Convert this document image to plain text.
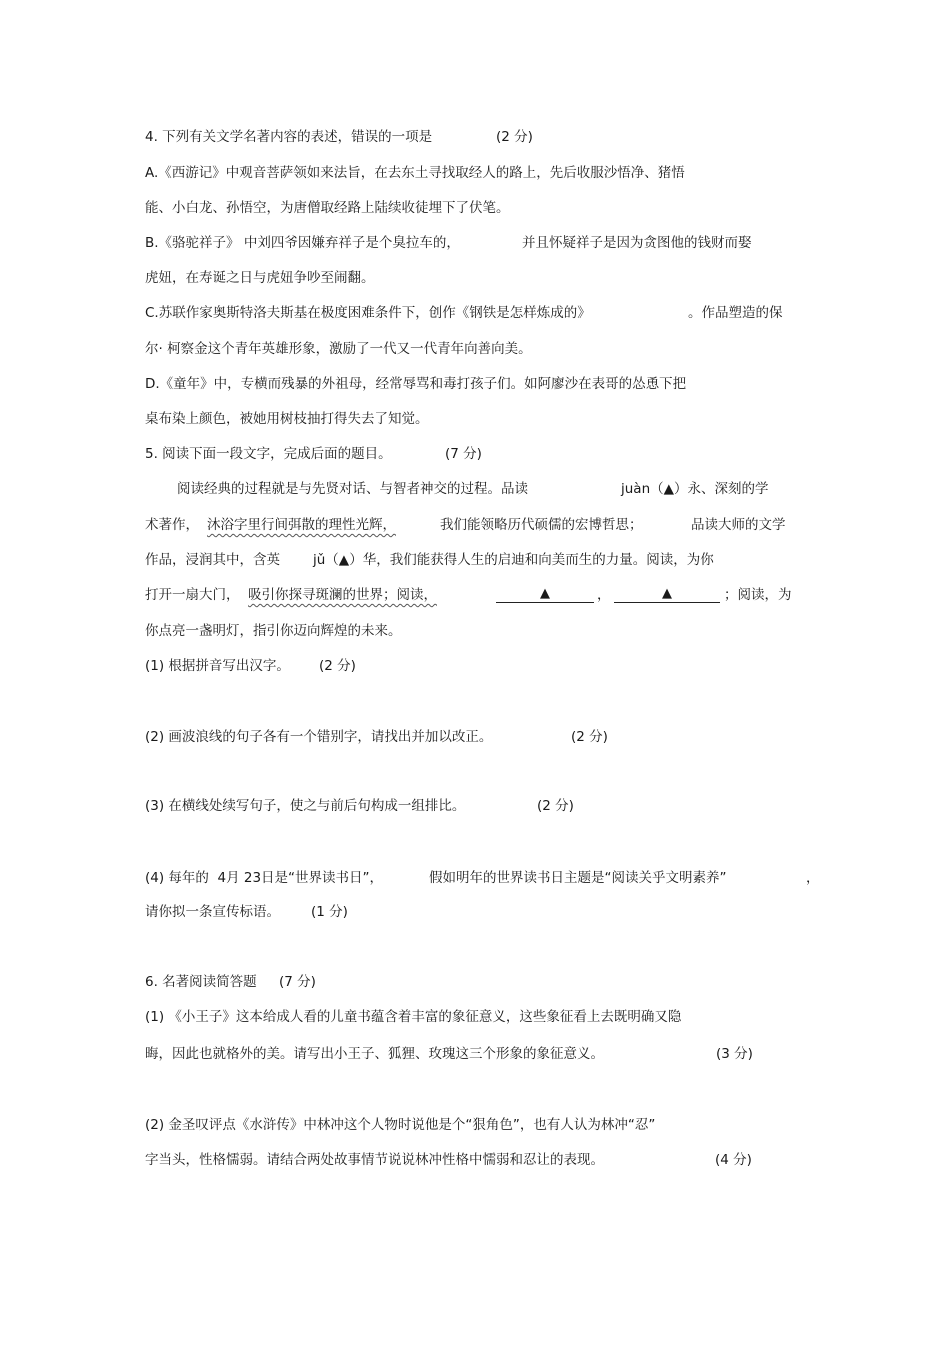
4. 下列有关文学名著内容的表述，错误的一项是	(2 分)
A.《西游记》中观音菩萨领如来法旨，在去东土寻找取经人的路上，先后收服沙悟净、猪悟
能、小白龙、孙悟空，为唐僧取经路上陆续收徒埋下了伏笔。
B.《骆驼祥子》 中刘四爷因嫌弃祥子是个臭拉车的，	并且怀疑祥子是因为贪图他的钱财而娶
虎妞，在寿诞之日与虎妞争吵至闹翻。
C.苏联作家奥斯特洛夫斯基在极度困难条件下，创作《钢铁是怎样炼成的》	。作品塑造的保
尔· 柯察金这个青年英雄形象，激励了一代又一代青年向善向美。
D.《童年》中，专横而残暴的外祖母，经常辱骂和毒打孩子们。如阿廖沙在表哥的怂恿下把
桌布染上颜色，被她用树枝抽打得失去了知觉。
5. 阅读下面一段文字，完成后面的题目。	(7 分)
阅读经典的过程就是与先贤对话、与智者神交的过程。品读	juàn（▲）永、深刻的学
术著作， 沐浴字里行间弭散的理性光辉，	我们能领略历代硕儒的宏博哲思；	品读大师的文学
作品，浸润其中，含英 jǔ（▲）华，我们能获得人生的启迪和向美而生的力量。阅读，为你
打开一扇大门， 吸引你探寻斑澜的世界；阅读，	▲	，	▲	；阅读，为
你点亮一盏明灯，指引你迈向辉煌的未来。
(1) 根据拼音写出汉字。 (2 分)
(2) 画波浪线的句子各有一个错别字，请找出并加以改正。	(2 分)
(3) 在横线处续写句子，使之与前后句构成一组排比。	(2 分)
(4) 每年的  4月 23日是“世界读书日”，	假如明年的世界读书日主题是“阅读关乎文明素养”	，
请你拟一条宣传标语。 (1 分)
6. 名著阅读简答题 (7 分)
(1) 《小王子》这本给成人看的儿童书蕴含着丰富的象征意义，这些象征看上去既明确又隐
晦，因此也就格外的美。请写出小王子、狐狸、玫瑰这三个形象的象征意义。	(3 分)
(2) 金圣叹评点《水浒传》中林冲这个人物时说他是个“狠角色”，也有人认为林冲“忍”
字当头，性格懦弱。请结合两处故事情节说说林冲性格中懦弱和忍让的表现。	(4 分)
